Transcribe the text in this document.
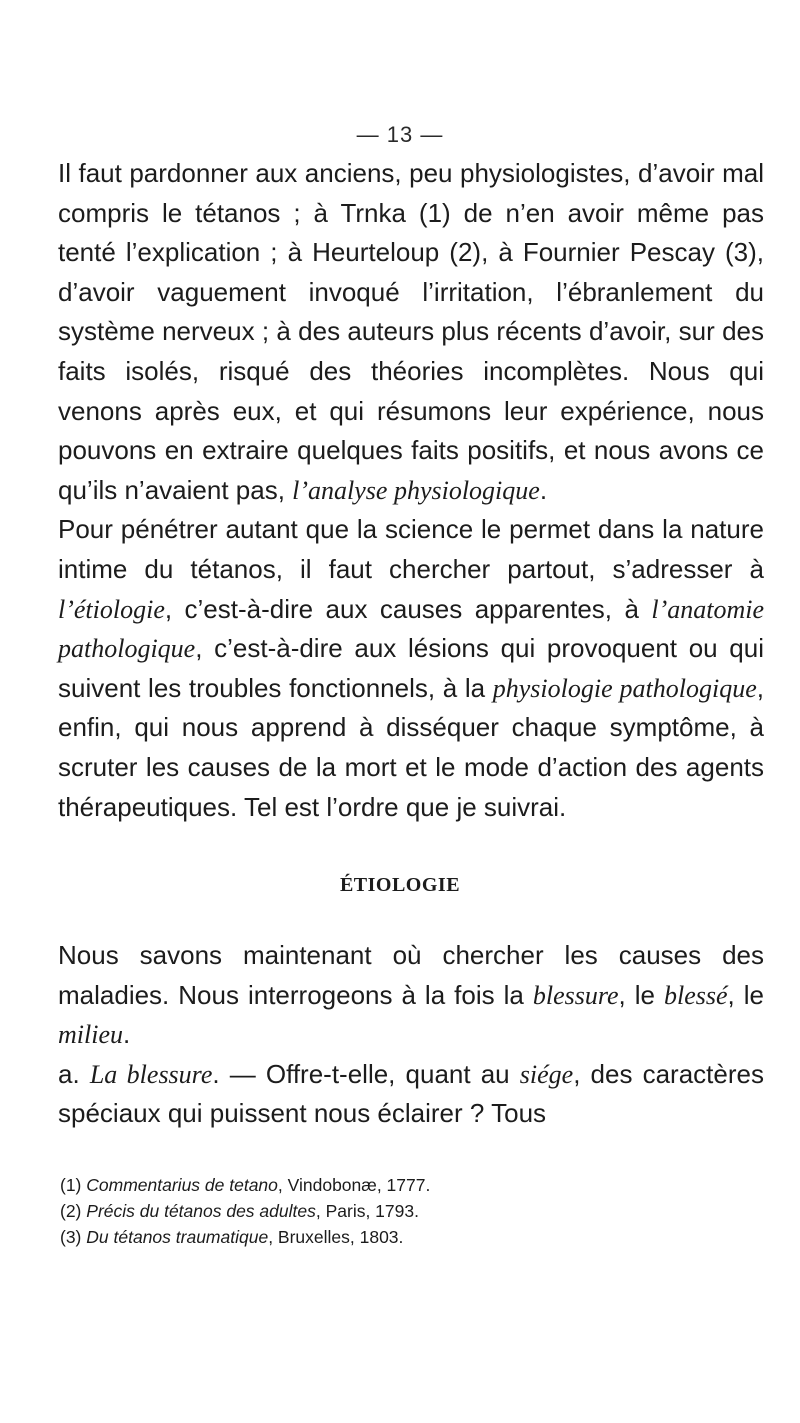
— 13 —

Il faut pardonner aux anciens, peu physiologistes, d’avoir mal compris le tétanos ; à Trnka (1) de n’en avoir même pas tenté l’explication ; à Heurteloup (2), à Fournier Pescay (3), d’avoir vaguement invoqué l’irritation, l’ébranlement du système nerveux ; à des auteurs plus récents d’avoir, sur des faits isolés, risqué des théories incomplètes. Nous qui venons après eux, et qui résumons leur expérience, nous pouvons en extraire quelques faits positifs, et nous avons ce qu’ils n’avaient pas, l’analyse physiologique.

Pour pénétrer autant que la science le permet dans la nature intime du tétanos, il faut chercher partout, s’adresser à l’étiologie, c’est-à-dire aux causes apparentes, à l’anatomie pathologique, c’est-à-dire aux lésions qui provoquent ou qui suivent les troubles fonctionnels, à la physiologie pathologique, enfin, qui nous apprend à disséquer chaque symptôme, à scruter les causes de la mort et le mode d’action des agents thérapeutiques. Tel est l’ordre que je suivrai.

ÉTIOLOGIE

Nous savons maintenant où chercher les causes des maladies. Nous interrogeons à la fois la blessure, le blessé, le milieu.

a. La blessure. — Offre-t-elle, quant au siége, des caractères spéciaux qui puissent nous éclairer ? Tous

(1) Commentarius de tetano, Vindobonæ, 1777.

(2) Précis du tétanos des adultes, Paris, 1793.

(3) Du tétanos traumatique, Bruxelles, 1803.
